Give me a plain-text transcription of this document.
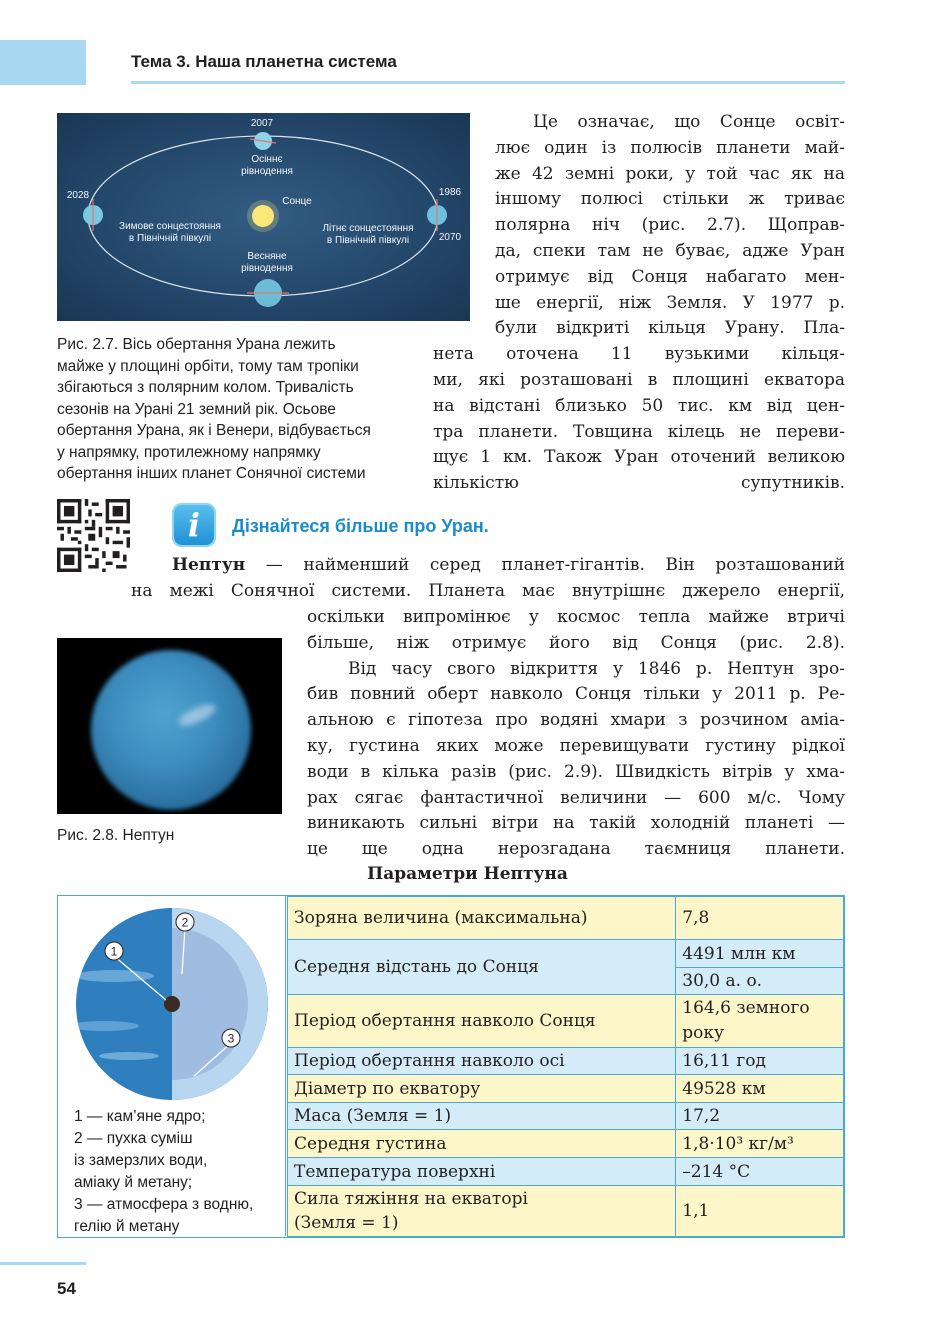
Тема 3. Наша планетна система
2007
2028	1986
2070
Осіннє
рівнодення
Сонце
Зимове сонцестояння
в Північній півкулі
Літнє сонцестояння
в Північній півкулі
Весняне
рівнодення
Рис. 2.7. Вісь обертання Урана лежить
майже у площині орбіти, тому там тропіки
збігаються з полярним колом. Тривалість
сезонів на Урані 21 земний рік. Осьове
обертання Урана, як і Венери, відбувається
у напрямку, протилежному напрямку
обертання інших планет Сонячної системи
Це означає, що Сонце освіт-
лює один із полюсів планети май-
же 42 земні роки, у той час як на
іншому полюсі стільки ж триває
полярна ніч (рис. 2.7). Щоправ-
да, спеки там не буває, адже Уран
отримує від Сонця набагато мен-
ше енергії, ніж Земля. У 1977 р.
були відкриті кільця Урану. Пла-
нета оточена 11 вузькими кільця-
ми, які розташовані в площині екватора
на відстані близько 50 тис. км від цен-
тра планети. Товщина кілець не переви-
щує 1 км. Також Уран оточений великою
кількістю супутників.
i	Дізнайтеся більше про Уран.
Нептун — найменший серед планет-гігантів. Він розташований
на межі Сонячної системи. Планета має внутрішнє джерело енергії,
оскільки випромінює у космос тепла майже втричі
більше, ніж отримує його від Сонця (рис. 2.8).
Від часу свого відкриття у 1846 р. Нептун зро-
бив повний оберт навколо Сонця тільки у 2011 р. Ре-
альною є гіпотеза про водяні хмари з розчином аміа-
ку, густина яких може перевищувати густину рідкої
води в кілька разів (рис. 2.9). Швидкість вітрів у хма-
рах сягає фантастичної величини — 600 м/с. Чому
виникають сильні вітри на такій холодній планеті —
це ще одна нерозгадана таємниця планети.
Рис. 2.8. Нептун
Параметри Нептуна
1
2
3
1 — кам’яне ядро;
2 — пухка суміш
із замерзлих води,
аміаку й метану;
3 — атмосфера з водню,
гелію й метану
Зоряна величина (максимальна)	7,8
Середня відстань до Сонця	4491 млн км
	30,0 а. о.
Період обертання навколо Сонця	164,6 земного
року
Період обертання навколо осі	16,11 год
Діаметр по екватору	49528 км
Маса (Земля = 1)	17,2
Середня густина	1,8·10³ кг/м³
Температура поверхні	–214 °С
Сила тяжіння на екваторі
(Земля = 1)	1,1
54
